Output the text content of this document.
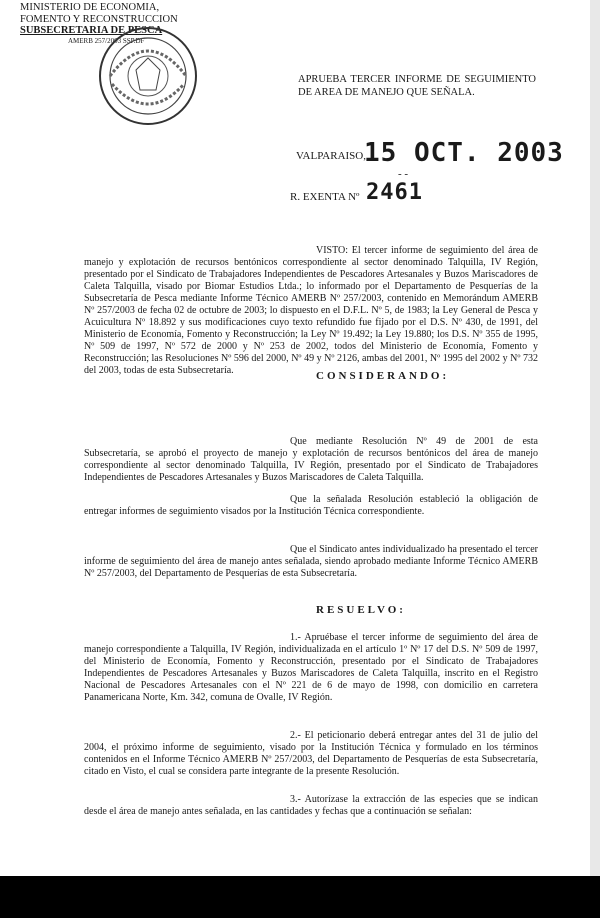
MINISTERIO DE ECONOMIA,
FOMENTO Y RECONSTRUCCION
SUBSECRETARIA DE PESCA
AMERB 257/2003 SSP.DF
APRUEBA TERCER INFORME DE SEGUIMIENTO DE AREA DE MANEJO QUE SEÑALA.
VALPARAISO,
15 OCT. 2003
- -
R. EXENTA Nº 2461
VISTO: El tercer informe de seguimiento del área de manejo y explotación de recursos bentónicos correspondiente al sector denominado Talquilla, IV Región, presentado por el Sindicato de Trabajadores Independientes de Pescadores Artesanales y Buzos Mariscadores de Caleta Talquilla, visado por Biomar Estudios Ltda.; lo informado por el Departamento de Pesquerías de la Subsecretaría de Pesca mediante Informe Técnico AMERB Nº 257/2003, contenido en Memorándum AMERB Nº 257/2003 de fecha 02 de octubre de 2003; lo dispuesto en el D.F.L. Nº 5, de 1983; la Ley General de Pesca y Acuicultura Nº 18.892 y sus modificaciones cuyo texto refundido fue fijado por el D.S. Nº 430, de 1991, del Ministerio de Economía, Fomento y Reconstrucción; la Ley Nº 19.492; la Ley 19.880; los D.S. Nº 355 de 1995, Nº 509 de 1997, Nº 572 de 2000 y Nº 253 de 2002, todos del Ministerio de Economía, Fomento y Reconstrucción; las Resoluciones Nº 596 del 2000, Nº 49 y Nº 2126, ambas del 2001, Nº 1995 del 2002 y Nº 732 del 2003, todas de esta Subsecretaría.	CONSIDERANDO:
Que mediante Resolución Nº 49 de 2001 de esta Subsecretaría, se aprobó el proyecto de manejo y explotación de recursos bentónicos del área de manejo correspondiente al sector denominado Talquilla, IV Región, presentado por el Sindicato de Trabajadores Independientes de Pescadores Artesanales y Buzos Mariscadores de Caleta Talquilla.
Que la señalada Resolución estableció la obligación de entregar informes de seguimiento visados por la Institución Técnica correspondiente.
Que el Sindicato antes individualizado ha presentado el tercer informe de seguimiento del área de manejo antes señalada, siendo aprobado mediante Informe Técnico AMERB Nº 257/2003, del Departamento de Pesquerías de esta Subsecretaría.
RESUELVO:
1.- Apruébase el tercer informe de seguimiento del área de manejo correspondiente a Talquilla, IV Región, individualizada en el artículo 1º Nº 17 del D.S. Nº 509 de 1997, del Ministerio de Economía, Fomento y Reconstrucción, presentado por el Sindicato de Trabajadores Independientes de Pescadores Artesanales y Buzos Mariscadores de Caleta Talquilla, inscrito en el Registro Nacional de Pescadores Artesanales con el Nº 221 de 6 de mayo de 1998, con domicilio en carretera Panamericana Norte, Km. 342, comuna de Ovalle, IV Región.
2.- El peticionario deberá entregar antes del 31 de julio del 2004, el próximo informe de seguimiento, visado por la Institución Técnica y formulado en los términos contenidos en el Informe Técnico AMERB Nº 257/2003, del Departamento de Pesquerías de esta Subsecretaría, citado en Visto, el cual se considera parte integrante de la presente Resolución.
3.- Autorízase la extracción de las especies que se indican desde el área de manejo antes señalada, en las cantidades y fechas que a continuación se señalan:
